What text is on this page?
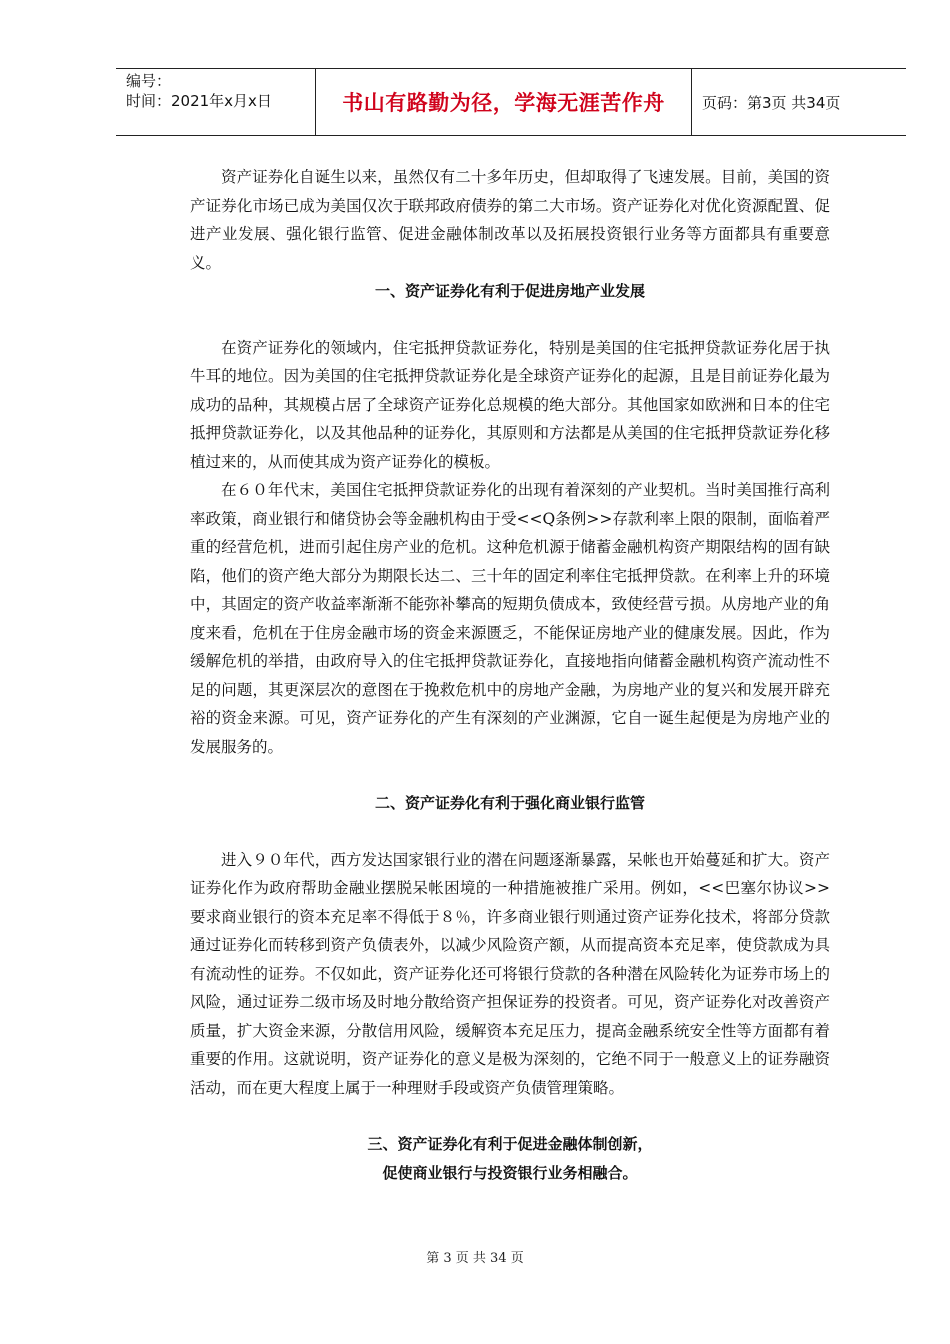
编号：
时间：2021年x月x日	书山有路勤为径，学海无涯苦作舟	页码：第3页 共34页

资产证券化自诞生以来，虽然仅有二十多年历史，但却取得了飞速发展。目前，美国的资产证券化市场已成为美国仅次于联邦政府债券的第二大市场。资产证券化对优化资源配置、促进产业发展、强化银行监管、促进金融体制改革以及拓展投资银行业务等方面都具有重要意义。

一、资产证券化有利于促进房地产业发展

在资产证券化的领域内，住宅抵押贷款证券化，特别是美国的住宅抵押贷款证券化居于执牛耳的地位。因为美国的住宅抵押贷款证券化是全球资产证券化的起源，且是目前证券化最为成功的品种，其规模占居了全球资产证券化总规模的绝大部分。其他国家如欧洲和日本的住宅抵押贷款证券化，以及其他品种的证券化，其原则和方法都是从美国的住宅抵押贷款证券化移植过来的，从而使其成为资产证券化的模板。

在６０年代末，美国住宅抵押贷款证券化的出现有着深刻的产业契机。当时美国推行高利率政策，商业银行和储贷协会等金融机构由于受<<Q条例>>存款利率上限的限制，面临着严重的经营危机，进而引起住房产业的危机。这种危机源于储蓄金融机构资产期限结构的固有缺陷，他们的资产绝大部分为期限长达二、三十年的固定利率住宅抵押贷款。在利率上升的环境中，其固定的资产收益率渐渐不能弥补攀高的短期负债成本，致使经营亏损。从房地产业的角度来看，危机在于住房金融市场的资金来源匮乏，不能保证房地产业的健康发展。因此，作为缓解危机的举措，由政府导入的住宅抵押贷款证券化，直接地指向储蓄金融机构资产流动性不足的问题，其更深层次的意图在于挽救危机中的房地产金融，为房地产业的复兴和发展开辟充裕的资金来源。可见，资产证券化的产生有深刻的产业渊源，它自一诞生起便是为房地产业的发展服务的。

二、资产证券化有利于强化商业银行监管

进入９０年代，西方发达国家银行业的潜在问题逐渐暴露，呆帐也开始蔓延和扩大。资产证券化作为政府帮助金融业摆脱呆帐困境的一种措施被推广采用。例如，<<巴塞尔协议>>要求商业银行的资本充足率不得低于８％，许多商业银行则通过资产证券化技术，将部分贷款通过证券化而转移到资产负债表外，以减少风险资产额，从而提高资本充足率，使贷款成为具有流动性的证券。不仅如此，资产证券化还可将银行贷款的各种潜在风险转化为证券市场上的风险，通过证券二级市场及时地分散给资产担保证券的投资者。可见，资产证券化对改善资产质量，扩大资金来源，分散信用风险，缓解资本充足压力，提高金融系统安全性等方面都有着重要的作用。这就说明，资产证券化的意义是极为深刻的，它绝不同于一般意义上的证券融资活动，而在更大程度上属于一种理财手段或资产负债管理策略。

三、资产证券化有利于促进金融体制创新，

促使商业银行与投资银行业务相融合。

第 3 页 共 34 页
